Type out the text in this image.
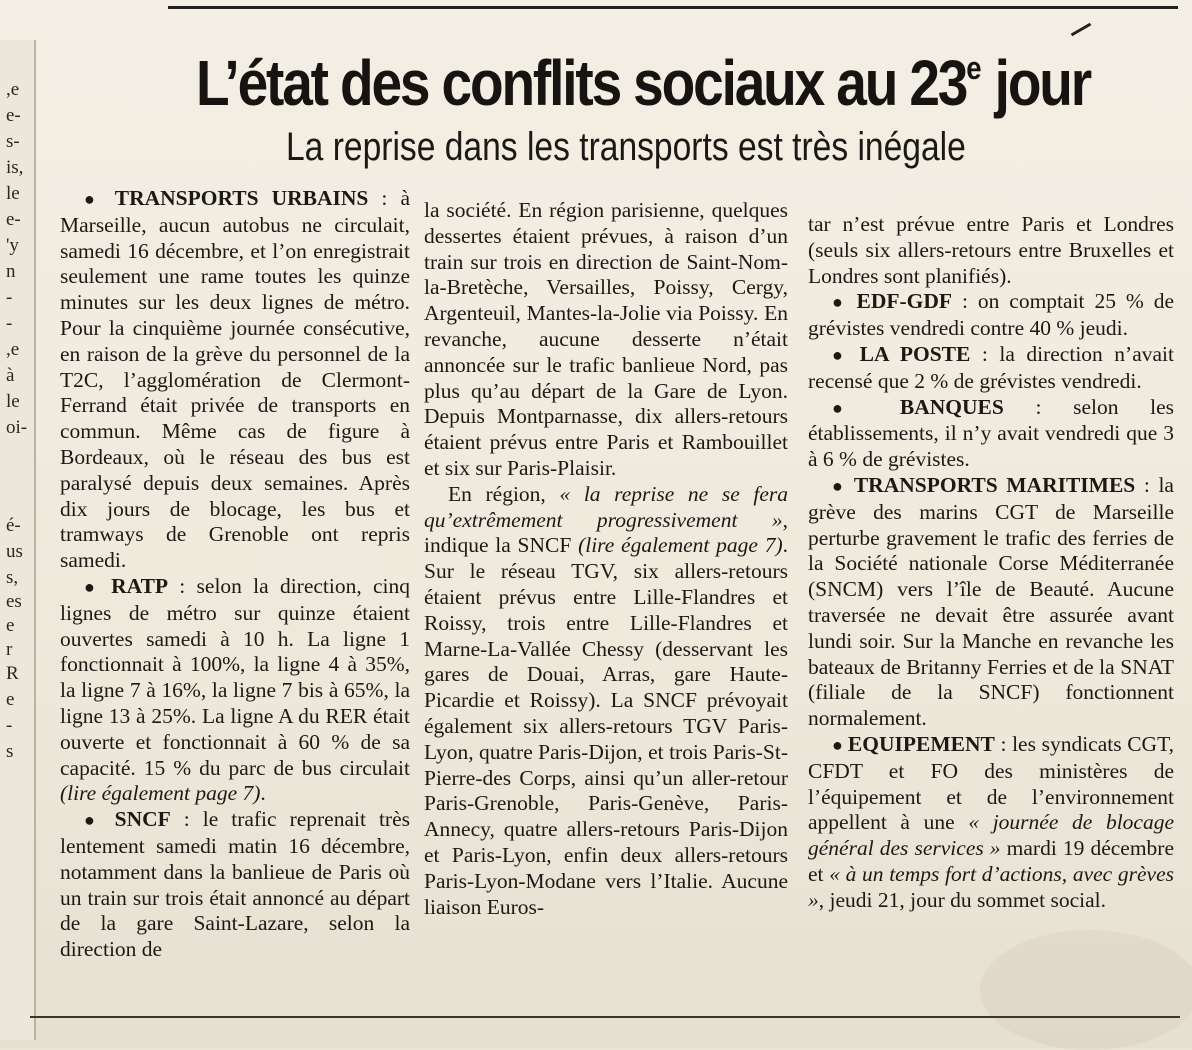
,e
e-
s-
is,
le
e-
'y
n
-
-
,e
à
le
oi-
é-
us
s,
es
e
r
R
e
-
s
L’état des conflits sociaux au 23e jour
La reprise dans les transports est très inégale

● TRANSPORTS URBAINS : à Marseille, aucun autobus ne circulait, samedi 16 décembre, et l’on enregistrait seulement une rame toutes les quinze minutes sur les deux lignes de métro. Pour la cinquième journée consécutive, en raison de la grève du personnel de la T2C, l’agglomération de Clermont-Ferrand était privée de transports en commun. Même cas de figure à Bordeaux, où le réseau des bus est paralysé depuis deux semaines. Après dix jours de blocage, les bus et tramways de Grenoble ont repris samedi.

● RATP : selon la direction, cinq lignes de métro sur quinze étaient ouvertes samedi à 10 h. La ligne 1 fonctionnait à 100%, la ligne 4 à 35%, la ligne 7 à 16%, la ligne 7 bis à 65%, la ligne 13 à 25%. La ligne A du RER était ouverte et fonctionnait à 60 % de sa capacité. 15 % du parc de bus circulait (lire également page 7).

● SNCF : le trafic reprenait très lentement samedi matin 16 décembre, notamment dans la banlieue de Paris où un train sur trois était annoncé au départ de la gare Saint-Lazare, selon la direction de

la société. En région parisienne, quelques dessertes étaient prévues, à raison d’un train sur trois en direction de Saint-Nom-la-Bretèche, Versailles, Poissy, Cergy, Argenteuil, Mantes-la-Jolie via Poissy. En revanche, aucune desserte n’était annoncée sur le trafic banlieue Nord, pas plus qu’au départ de la Gare de Lyon. Depuis Montparnasse, dix allers-retours étaient prévus entre Paris et Rambouillet et six sur Paris-Plaisir.

En région, « la reprise ne se fera qu’extrêmement progressivement », indique la SNCF (lire également page 7). Sur le réseau TGV, six allers-retours étaient prévus entre Lille-Flandres et Roissy, trois entre Lille-Flandres et Marne-La-Vallée Chessy (desservant les gares de Douai, Arras, gare Haute-Picardie et Roissy). La SNCF prévoyait également six allers-retours TGV Paris-Lyon, quatre Paris-Dijon, et trois Paris-St-Pierre-des Corps, ainsi qu’un aller-retour Paris-Grenoble, Paris-Genève, Paris-Annecy, quatre allers-retours Paris-Dijon et Paris-Lyon, enfin deux allers-retours Paris-Lyon-Modane vers l’Italie. Aucune liaison Euros-

tar n’est prévue entre Paris et Londres (seuls six allers-retours entre Bruxelles et Londres sont planifiés).

● EDF-GDF : on comptait 25 % de grévistes vendredi contre 40 % jeudi.

● LA POSTE : la direction n’avait recensé que 2 % de grévistes vendredi.

● BANQUES : selon les établissements, il n’y avait vendredi que 3 à 6 % de grévistes.

● TRANSPORTS MARITIMES : la grève des marins CGT de Marseille perturbe gravement le trafic des ferries de la Société nationale Corse Méditerranée (SNCM) vers l’île de Beauté. Aucune traversée ne devait être assurée avant lundi soir. Sur la Manche en revanche les bateaux de Britanny Ferries et de la SNAT (filiale de la SNCF) fonctionnent normalement.

● EQUIPEMENT : les syndicats CGT, CFDT et FO des ministères de l’équipement et de l’environnement appellent à une « journée de blocage général des services » mardi 19 décembre et « à un temps fort d’actions, avec grèves », jeudi 21, jour du sommet social.
